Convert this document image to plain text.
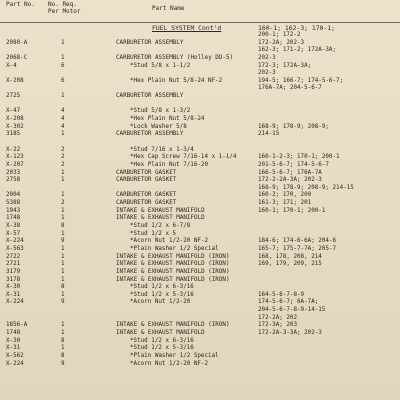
Part No. No. Req.
Per Motor	Part Name
FUEL SYSTEM Cont'd	160-1; 162-3; 170-1;
200-1; 172-2
2080-A	1	CARBURETOR ASSEMBLY	172-2A; 202-3
162-3; 171-2; 172A-3A;
2068-C	1	CARBURETOR ASSEMBLY (Holley DD-5)	202-3
X-4	6	*Stud 5/8 x 1-1/2	172-3; 172A-3A;
202-3
X-208	6	*Hex Plain Nut 5/8-24 NF-2	194-5; 166-7; 174-5-6-7;
176A-7A; 204-5-6-7
2725	1	CARBURETOR ASSEMBLY
X-47	4	*Stud 5/8 x 1-3/2
X-208	4	*Hex Plain Nut 5/8-24
X-302	4	*Lock Washer 5/8	168-9; 178-9; 208-9;
3185	1	CARBURETOR ASSEMBLY	214-15
X-22	2	*Stud 7/16 x 1-3/4
X-123	2	*Hex Cap Screw 7/16-14 x 1-1/4	160-1-2-3; 170-1; 200-1
X-207	2	*Hex Plain Nut 7/16-20	201-5-6-7; 174-5-6-7
2033	1	CARBURETOR GASKET	166-5-6-7; 176A-7A
2758	1	CARBURETOR GASKET	172-2-2A-3A; 202-3
168-9; 178-9; 208-9; 214-15
2004	1	CARBURETOR GASKET	160-2; 170, 200
5388	2	CARBURETOR GASKET	161-3; 171; 201
1943	1	INTAKE & EXHAUST MANIFOLD	160-1; 170-1; 200-1
1748	1	INTAKE & EXHAUST MANIFOLD
X-38	8	*Stud 1/2 x 6-7/8
X-57	1	*Stud 1/2 x 5
X-224	9	*Acorn Nut 1/2-20 NF-2	184-6; 174-6-6A; 204-6
X-563	1	*Plain Washer 1/2 Special	165-7; 175-7-7A; 205-7
2722	1	INTAKE & EXHAUST MANIFOLD (IRON)	168, 178, 208, 214
2721	1	INTAKE & EXHAUST MANIFOLD (IRON)	169, 179, 209, 215
3179	1	INTAKE & EXHAUST MANIFOLD (IRON)
3178	1	INTAKE & EXHAUST MANIFOLD (IRON)
X-30	8	*Stud 1/2 x 6-3/16
X-31	1	*Stud 1/2 x 5-3/16	164-5-6-7-8-9
X-224	9	*Acorn Nut 1/2-20	174-5-6-7; 6A-7A;
204-5-6-7-8-9-14-15
172-2A; 202
1856-A	1	INTAKE & EXHAUST MANIFOLD (IRON)	172-3A; 203
1748	1	INTAKE & EXHAUST MANIFOLD	172-2A-3-3A; 202-3
X-30	8	*Stud 1/2 x 6-3/16
X-31	1	*Stud 1/2 x 5-3/16
X-562	8	*Plain Washer 1/2 Special
X-224	9	*Acorn Nut 1/2-20 NF-2
